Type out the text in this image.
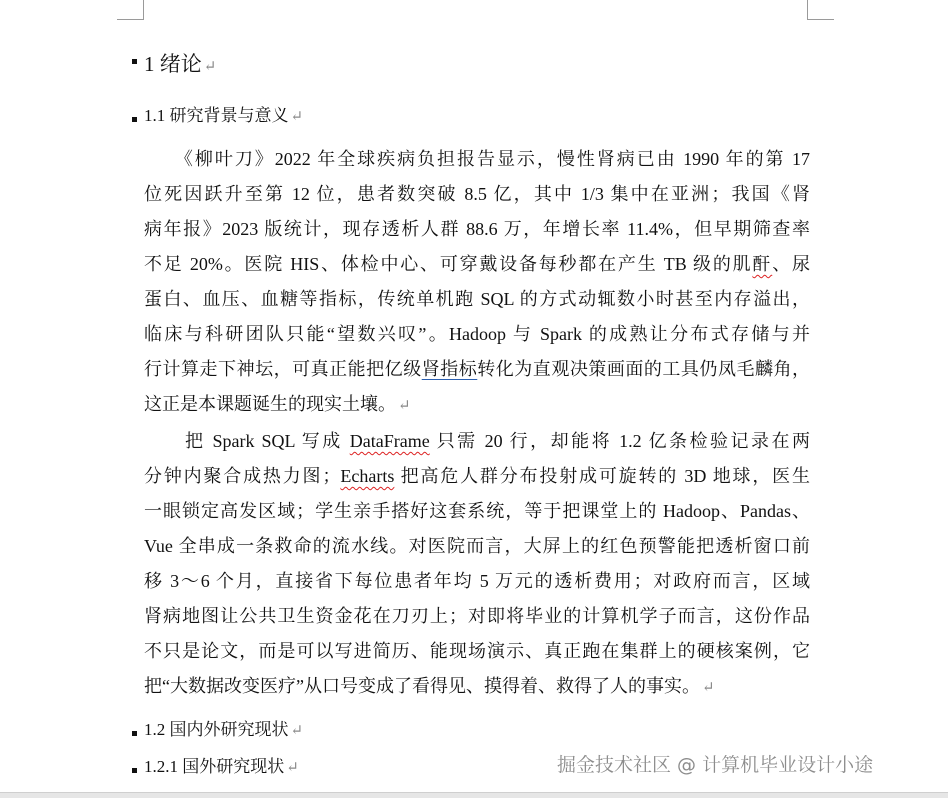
1 绪论 ↵
1.1 研究背景与意义 ↵
　　《柳叶刀》2022 年全球疾病负担报告显示，慢性肾病已由 1990 年的第 17
位死因跃升至第 12 位，患者数突破 8.5 亿，其中 1/3 集中在亚洲；我国《肾
病年报》2023 版统计，现存透析人群 88.6 万，年增长率 11.4%，但早期筛查率
不足 20%。医院 HIS、体检中心、可穿戴设备每秒都在产生 TB 级的肌酐、尿
蛋白、血压、血糖等指标，传统单机跑 SQL 的方式动辄数小时甚至内存溢出，
临床与科研团队只能“望数兴叹”。Hadoop 与 Spark 的成熟让分布式存储与并
行计算走下神坛，可真正能把亿级肾指标转化为直观决策画面的工具仍凤毛麟角，
这正是本课题诞生的现实土壤。 ↵
　　把 Spark SQL 写成 DataFrame 只需 20 行，却能将 1.2 亿条检验记录在两
分钟内聚合成热力图；Echarts 把高危人群分布投射成可旋转的 3D 地球，医生
一眼锁定高发区域；学生亲手搭好这套系统，等于把课堂上的 Hadoop、Pandas、
Vue 全串成一条救命的流水线。对医院而言，大屏上的红色预警能把透析窗口前
移 3～6 个月，直接省下每位患者年均 5 万元的透析费用；对政府而言，区域
肾病地图让公共卫生资金花在刀刃上；对即将毕业的计算机学子而言，这份作品
不只是论文，而是可以写进简历、能现场演示、真正跑在集群上的硬核案例，它
把“大数据改变医疗”从口号变成了看得见、摸得着、救得了人的事实。 ↵
1.2 国内外研究现状 ↵
1.2.1 国外研究现状 ↵	掘金技术社区 @ 计算机毕业设计小途
